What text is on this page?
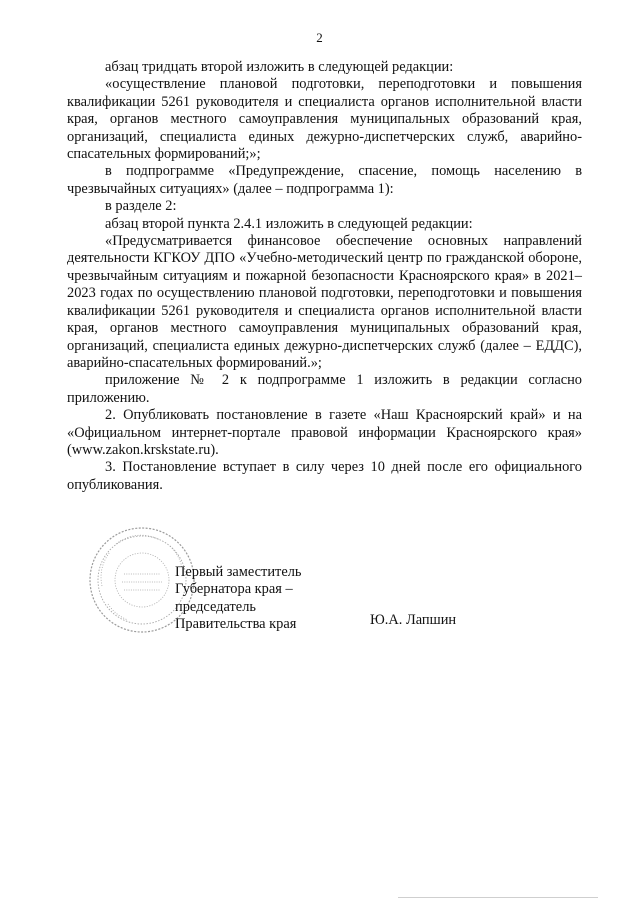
2

абзац тридцать второй изложить в следующей редакции:

«осуществление плановой подготовки, переподготовки и повышения квалификации 5261 руководителя и специалиста органов исполнительной власти края, органов местного самоуправления муниципальных образований края, организаций, специалиста единых дежурно-диспетчерских служб, аварийно-спасательных формирований;»;

в подпрограмме «Предупреждение, спасение, помощь населению в чрезвычайных ситуациях» (далее – подпрограмма 1):

в разделе 2:

абзац второй пункта 2.4.1 изложить в следующей редакции:

«Предусматривается финансовое обеспечение основных направлений деятельности КГКОУ ДПО «Учебно-методический центр по гражданской обороне, чрезвычайным ситуациям и пожарной безопасности Красноярского края» в 2021–2023 годах по осуществлению плановой подготовки, переподготовки и повышения квалификации 5261 руководителя и специалиста органов исполнительной власти края, органов местного самоуправления муниципальных образований края, организаций, специалиста единых дежурно-диспетчерских служб (далее – ЕДДС), аварийно-спасательных формирований.»;

приложение № 2 к подпрограмме 1 изложить в редакции согласно приложению.

2. Опубликовать постановление в газете «Наш Красноярский край» и на «Официальном интернет-портале правовой информации Красноярского края» (www.zakon.krskstate.ru).

3. Постановление вступает в силу через 10 дней после его официального опубликования.

Первый заместитель
Губернатора края –
председатель
Правительства края	Ю.А. Лапшин
